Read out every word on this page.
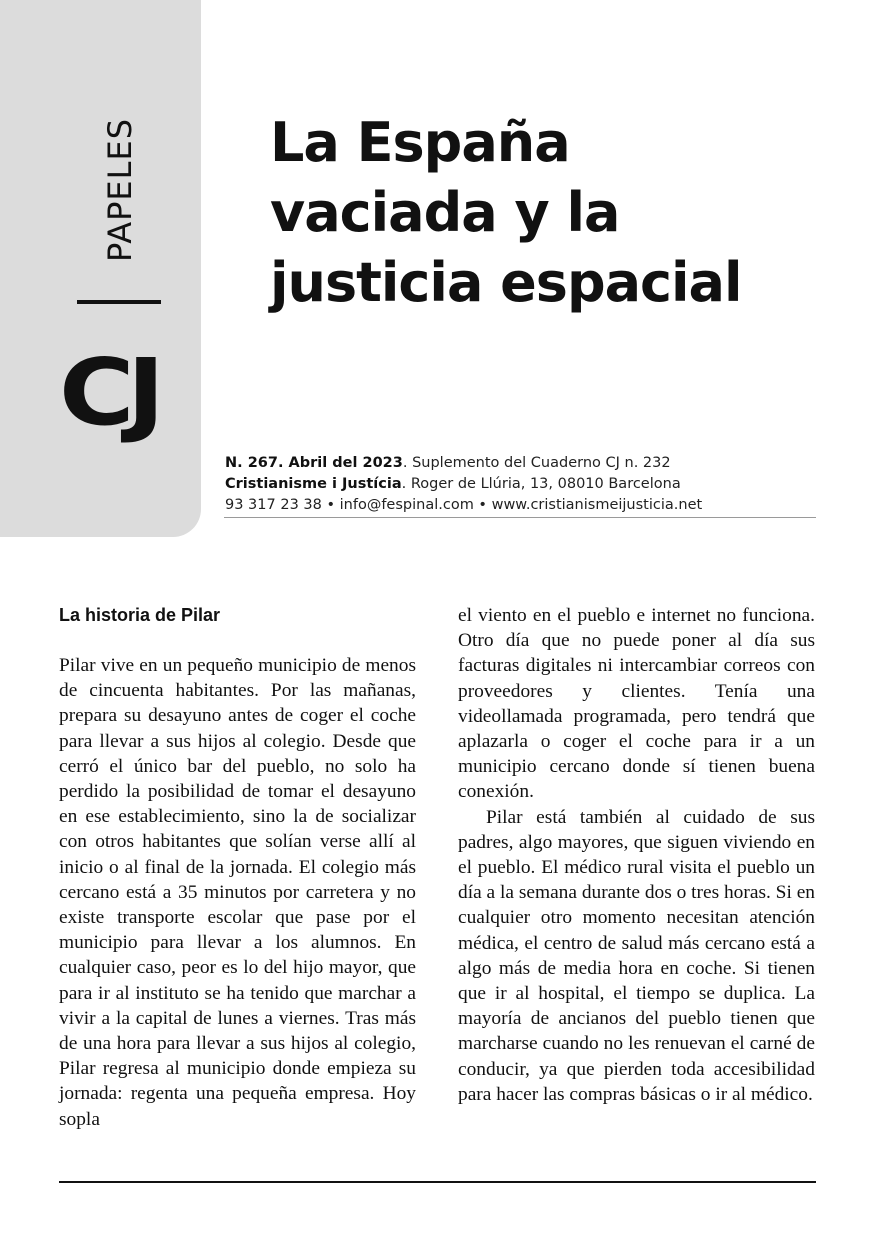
PAPELES
CJ
La España
vaciada y la
justicia espacial
N. 267. Abril del 2023. Suplemento del Cuaderno CJ n. 232
Cristianisme i Justícia. Roger de Llúria, 13, 08010 Barcelona
93 317 23 38 • info@fespinal.com • www.cristianismeijusticia.net
La historia de Pilar

Pilar vive en un pequeño municipio de menos de cincuenta habitantes. Por las mañanas, prepara su desayuno antes de coger el coche para llevar a sus hijos al colegio. Desde que cerró el único bar del pueblo, no solo ha perdido la posibilidad de tomar el desayuno en ese establecimiento, sino la de socializar con otros habitantes que solían verse allí al inicio o al final de la jornada. El colegio más cercano está a 35 minutos por carretera y no existe transporte escolar que pase por el municipio para llevar a los alumnos. En cualquier caso, peor es lo del hijo mayor, que para ir al instituto se ha tenido que marchar a vivir a la capital de lunes a viernes. Tras más de una hora para llevar a sus hijos al colegio, Pilar regresa al municipio donde empieza su jornada: regenta una pequeña empresa. Hoy sopla

el viento en el pueblo e internet no funciona. Otro día que no puede poner al día sus facturas digitales ni intercambiar correos con proveedores y clientes. Tenía una videollamada programada, pero tendrá que aplazarla o coger el coche para ir a un municipio cercano donde sí tienen buena conexión.

Pilar está también al cuidado de sus padres, algo mayores, que siguen viviendo en el pueblo. El médico rural visita el pueblo un día a la semana durante dos o tres horas. Si en cualquier otro momento necesitan atención médica, el centro de salud más cercano está a algo más de media hora en coche. Si tienen que ir al hospital, el tiempo se duplica. La mayoría de ancianos del pueblo tienen que marcharse cuando no les renuevan el carné de conducir, ya que pierden toda accesibilidad para hacer las compras básicas o ir al médico.
